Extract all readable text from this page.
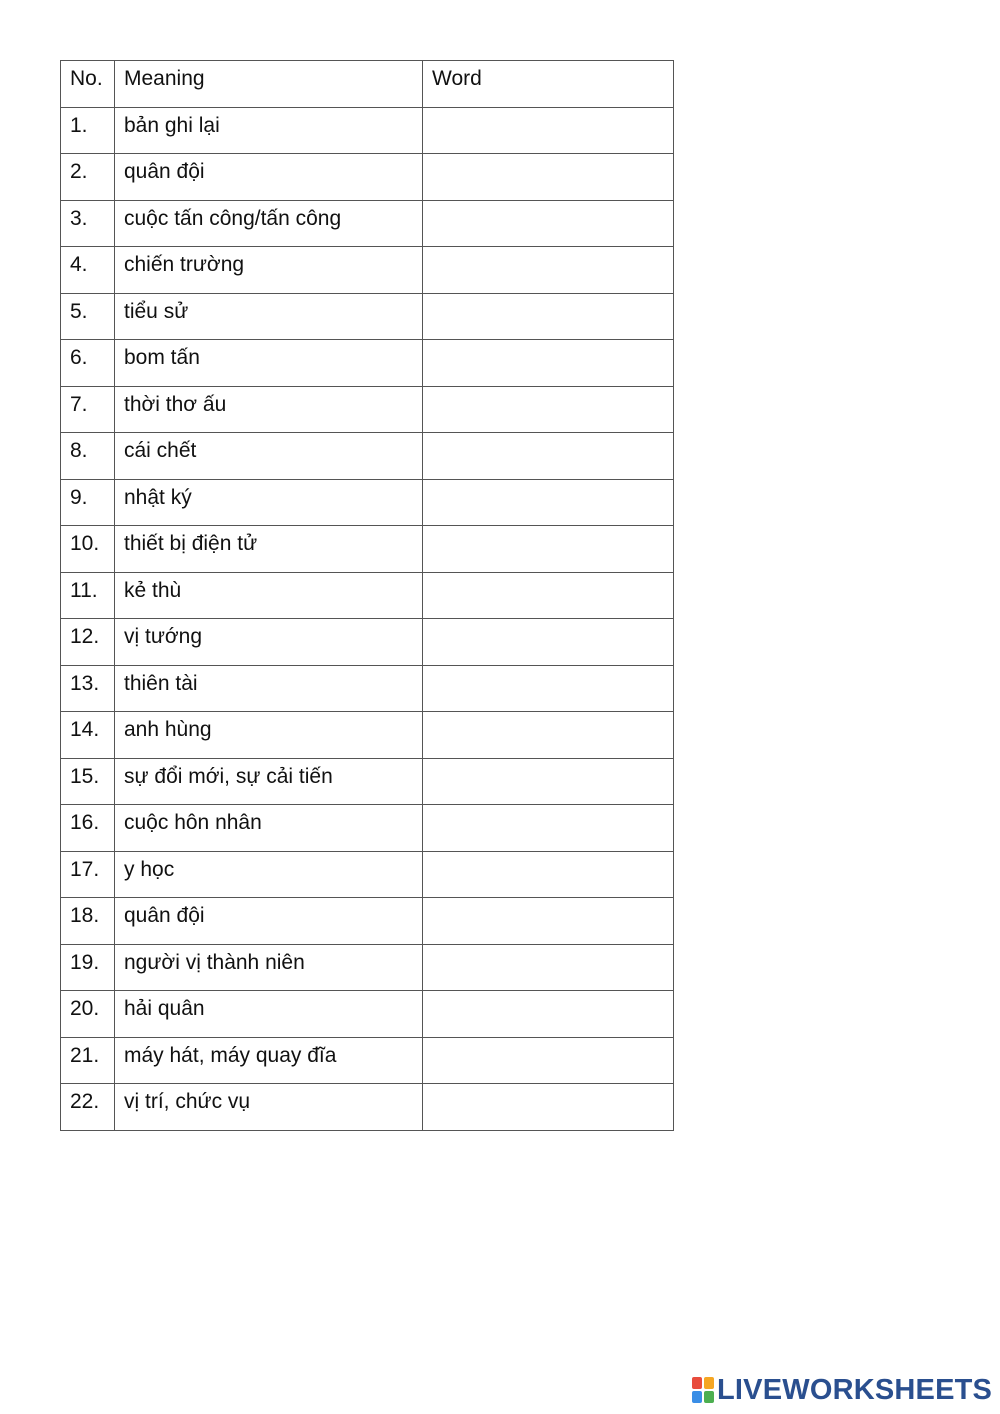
No.	Meaning	Word
1.	bản ghi lại	
2.	quân đội	
3.	cuộc tấn công/tấn công	
4.	chiến trường	
5.	tiểu sử	
6.	bom tấn	
7.	thời thơ ấu	
8.	cái chết	
9.	nhật ký	
10.	thiết bị điện tử	
11.	kẻ thù	
12.	vị tướng	
13.	thiên tài	
14.	anh hùng	
15.	sự đổi mới, sự cải tiến	
16.	cuộc hôn nhân	
17.	y học	
18.	quân đội	
19.	người vị thành niên	
20.	hải quân	
21.	máy hát, máy quay đĩa	
22.	vị trí, chức vụ	
LIVEWORKSHEETS
